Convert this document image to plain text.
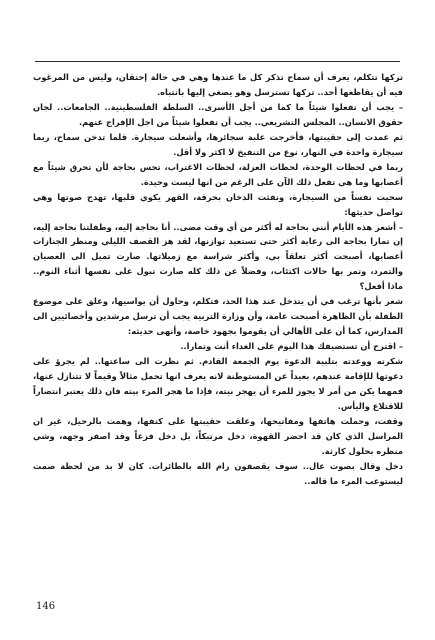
تركها تتكلم، يعرف أن سماح تذكر كل ما عندها وهي في حالة إحتقان، وليس من المرغوب فيه أن يقاطعها أحد.. تركها تسترسل وهو يصغي إليها بانتباه.

– يجب أن تفعلوا شيئاً ما كما من أجل الأسرى.. السلطة الفلسطينية.. الجامعات.. لجان حقوق الانسان.. المجلس التشريعي.. يجب أن تفعلوا شيئاً من اجل الإفراج عنهم.

ثم عمدت إلى حقيبتها، فأخرجت علبة سجائرها، وأشعلت سيجارة. قلما تدخن سماح، ربما سيجارة واحدة في النهار، نوع من التنفيخ لا اكثر ولا أقل.

ربما في لحظات الوحدة، لحظات العزلة، لحظات الاغتراب، تحس بحاجة لأن تحرق شيئاً مع أعصابها وما هي تفعل ذلك الآن على الرغم من انها ليست وحيدة.

سحبت نفساً من السيجارة، ونفثت الدخان بحرقة، القهر يكوي قلبها، تهدج صوتها وهي تواصل حديثها:

– أشعر هذه الأيام أنني بحاجة له أكثر من أي وقت مضى.. أنا بحاجة إليه، وطفلتنا بحاجة إليه، إن تمارا بحاجة الى رعاية أكثر حتى تستعيد توازنها، لقد هز القصف الليلي ومنظر الجنازات أعصابها، أصبحت أكثر تعلقاً بي، وأكثر شراسة مع زميلاتها. صارت تميل الى العصيان والتمرد، وتمر بها حالات اكتئاب، وفضلاً عن ذلك كله صارت تبول على نفسها أثناء النوم.. ماذا أفعل؟

شعر بأنها ترغب في أن يتدخل عند هذا الحد، فتكلم، وحاول أن يواسيها، وعلق على موضوع الطفلة بأن الظاهرة أصبحت عامة، وأن وزارة التربية يجب أن ترسل مرشدين وأخصائيين الى المدارس، كما أن على الأهالي أن يقوموا بجهود خاصة، وأنهى حديثه:

– اقترح أن تستضيفك هذا اليوم على الغداء أنت وتمارا..

شكرته ووعدته بتلبية الدعوة يوم الجمعة القادم. ثم نظرت الى ساعتها.. لم يجرؤ على دعوتها للإقامة عندهم، بعيداً عن المستوطنة لانه يعرف انها تحمل مثالاً وقيماً لا تتنازل عنها، فمهما يكن من أمر لا يجوز للمرء أن يهجر بيته، فإذا ما هجر المرء بيته فان ذلك يعتبر انتصاراً للاقتلاع واليأس.

وقفت، وحملت هاتفها ومفاتيحها، وعلقت حقيبتها على كتفها، وهمت بالرحيل، غير ان المراسل الذي كان قد احضر القهوة، دخل مرتبكاً، بل دخل فزعاً وقد اصفر وجهه، وشي منظره بحلول كارثة.

دخل وقال بصوت عال.. سوف يقصفون رام الله بالطائرات. كان لا بد من لحظة صمت ليستوعب المرء ما قاله..

146
